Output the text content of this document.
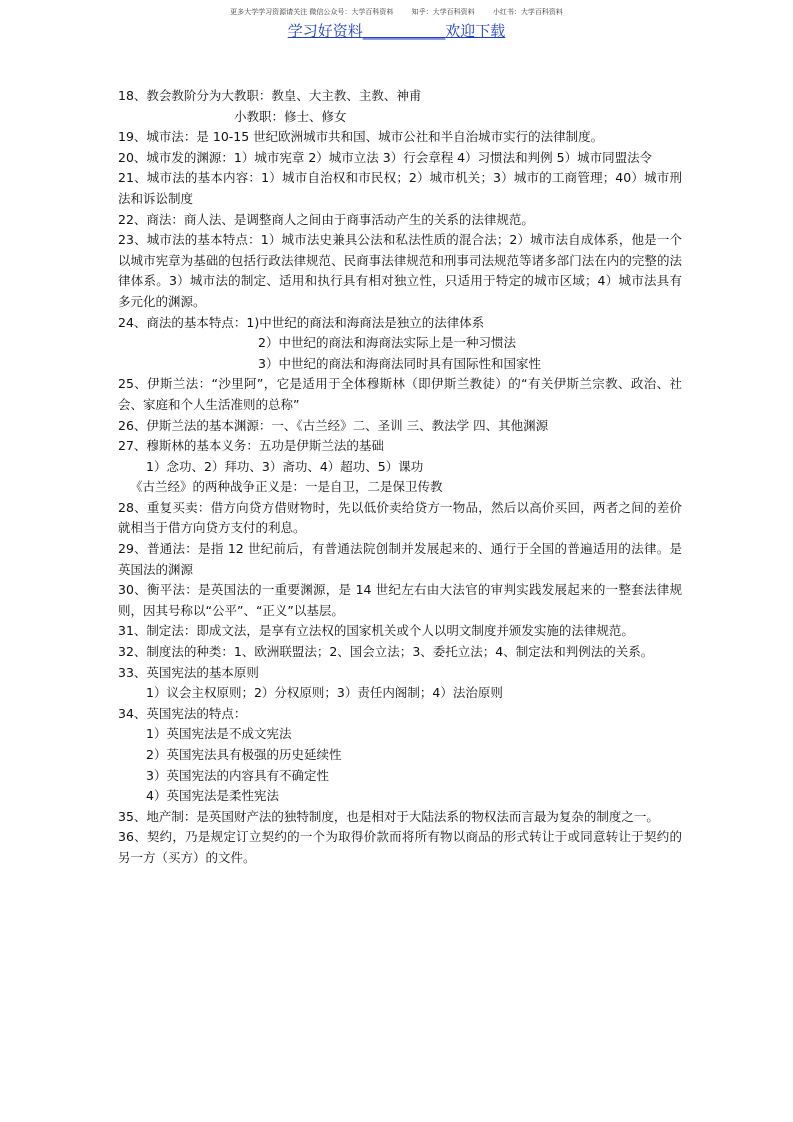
更多大学学习资源请关注 微信公众号：大学百科资料	知乎：大学百科资料	小红书：大学百科资料
学习好资料___________欢迎下载

18、教会教阶分为大教职：教皇、大主教、主教、神甫

小教职：修士、修女

19、城市法：是 10-15 世纪欧洲城市共和国、城市公社和半自治城市实行的法律制度。

20、城市发的渊源：1）城市宪章 2）城市立法 3）行会章程 4）习惯法和判例 5）城市同盟法令

21、城市法的基本内容：1）城市自治权和市民权；2）城市机关；3）城市的工商管理；40）城市刑法和诉讼制度

22、商法：商人法、是调整商人之间由于商事活动产生的关系的法律规范。

23、城市法的基本特点：1）城市法史兼具公法和私法性质的混合法；2）城市法自成体系，他是一个以城市宪章为基础的包括行政法律规范、民商事法律规范和刑事司法规范等诸多部门法在内的完整的法律体系。3）城市法的制定、适用和执行具有相对独立性，只适用于特定的城市区域；4）城市法具有多元化的渊源。

24、商法的基本特点：1)中世纪的商法和海商法是独立的法律体系

2）中世纪的商法和海商法实际上是一种习惯法

3）中世纪的商法和海商法同时具有国际性和国家性

25、伊斯兰法：“沙里阿”，它是适用于全体穆斯林（即伊斯兰教徒）的“有关伊斯兰宗教、政治、社会、家庭和个人生活准则的总称”

26、伊斯兰法的基本渊源：一、《古兰经》二、圣训 三、教法学 四、其他渊源

27、穆斯林的基本义务：五功是伊斯兰法的基础

1）念功、2）拜功、3）斋功、4）超功、5）课功

《古兰经》的两种战争正义是：一是自卫，二是保卫传教

28、重复买卖：借方向贷方借财物时，先以低价卖给贷方一物品，然后以高价买回，两者之间的差价就相当于借方向贷方支付的利息。

29、普通法：是指 12 世纪前后，有普通法院创制并发展起来的、通行于全国的普遍适用的法律。是英国法的渊源

30、衡平法：是英国法的一重要渊源，是 14 世纪左右由大法官的审判实践发展起来的一整套法律规则，因其号称以“公平”、“正义”以基层。

31、制定法：即成文法，是享有立法权的国家机关或个人以明文制度并颁发实施的法律规范。

32、制度法的种类：1、欧洲联盟法；2、国会立法；3、委托立法；4、制定法和判例法的关系。

33、英国宪法的基本原则

1）议会主权原则；2）分权原则；3）责任内阁制；4）法治原则

34、英国宪法的特点：

1）英国宪法是不成文宪法

2）英国宪法具有极强的历史延续性

3）英国宪法的内容具有不确定性

4）英国宪法是柔性宪法

35、地产制：是英国财产法的独特制度，也是相对于大陆法系的物权法而言最为复杂的制度之一。

36、契约，乃是规定订立契约的一个为取得价款而将所有物以商品的形式转让于或同意转让于契约的另一方（买方）的文件。
